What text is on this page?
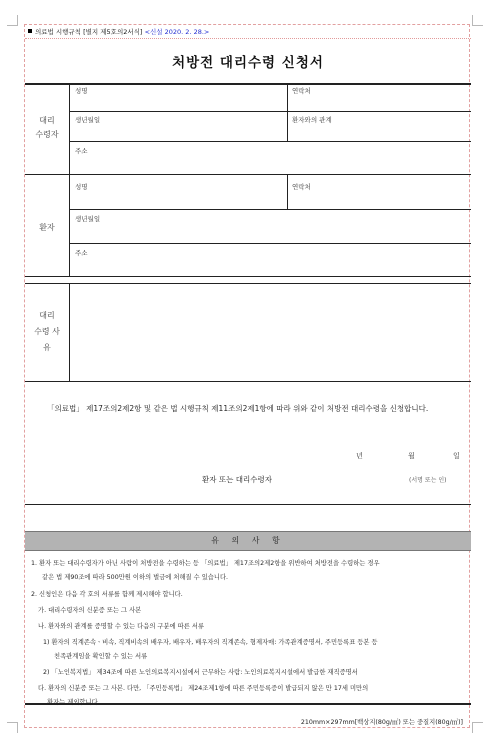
의료법 시행규칙 [별지 제5호의2서식] <신설 2020. 2. 28.>
처방전 대리수령 신청서
대리
수령자
성명	연락처
생년월일	환자와의 관계
주소
환자
성명	연락처
생년월일
주소
대리
수령 사
유
「의료법」 제17조의2제2항 및 같은 법 시행규칙 제11조의2제1항에 따라 위와 같이 처방전 대리수령을 신청합니다.
년	월	일
환자 또는 대리수령자	(서명 또는 인)
유 의 사 항
1. 환자 또는 대리수령자가 아닌 사람이 처방전을 수령하는 등 「의료법」 제17조의2제2항을 위반하여 처방전을 수령하는 경우
같은 법 제90조에 따라 500만원 이하의 벌금에 처해질 수 있습니다.
2. 신청인은 다음 각 호의 서류를 함께 제시해야 합니다.
가. 대리수령자의 신분증 또는 그 사본
나. 환자와의 관계를 증명할 수 있는 다음의 구분에 따른 서류
1) 환자의 직계존속ㆍ비속, 직계비속의 배우자, 배우자, 배우자의 직계존속, 형제자매: 가족관계증명서, 주민등록표 등본 등
친족관계임을 확인할 수 있는 서류
2) 「노인복지법」 제34조에 따른 노인의료복지시설에서 근무하는 사람: 노인의료복지시설에서 발급한 재직증명서
다. 환자의 신분증 또는 그 사본. 다만, 「주민등록법」 제24조제1항에 따른 주민등록증이 발급되지 않은 만 17세 미만의
환자는 제외합니다.
210mm×297mm[백상지(80g/㎡) 또는 중질지(80g/㎡)]
